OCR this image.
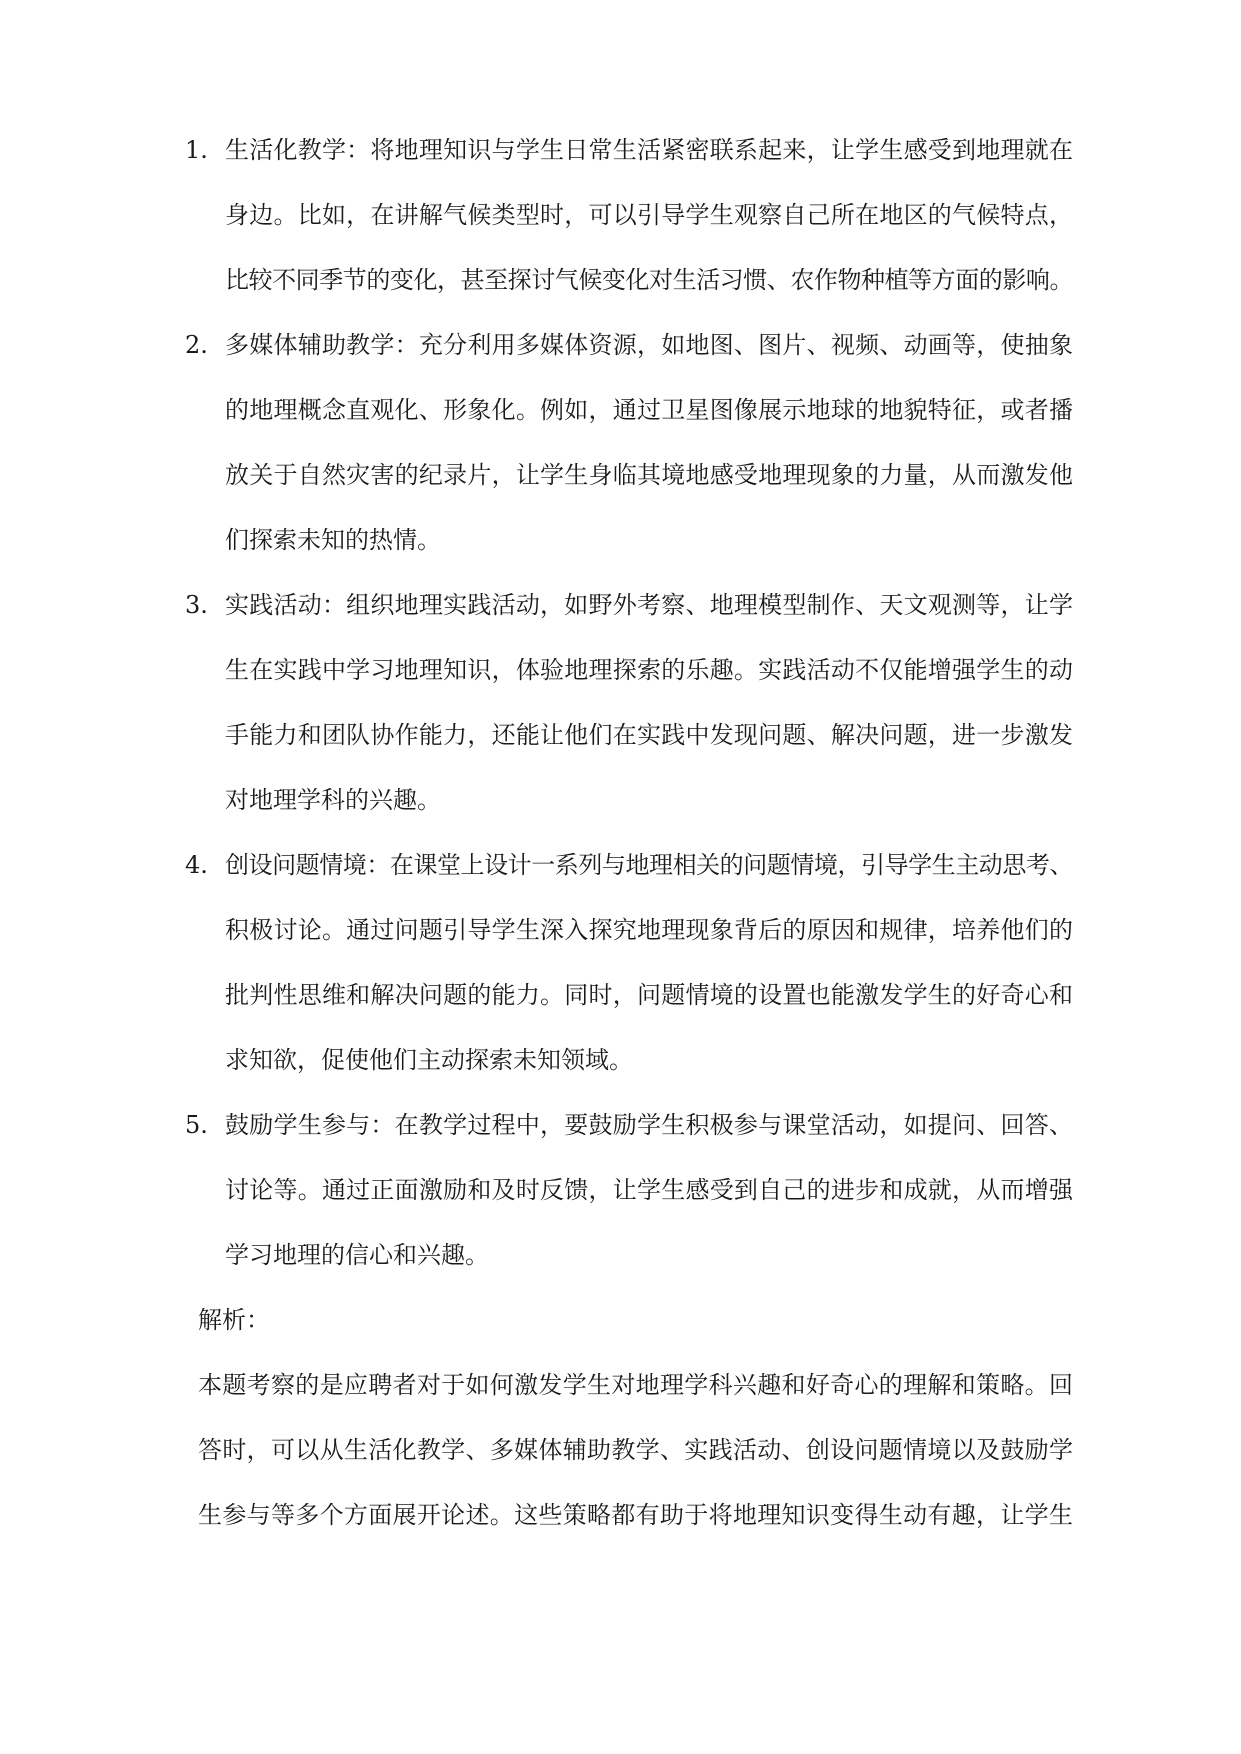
1. 生活化教学：将地理知识与学生日常生活紧密联系起来，让学生感受到地理就在
身边。比如，在讲解气候类型时，可以引导学生观察自己所在地区的气候特点，
比较不同季节的变化，甚至探讨气候变化对生活习惯、农作物种植等方面的影响。
2. 多媒体辅助教学：充分利用多媒体资源，如地图、图片、视频、动画等，使抽象
的地理概念直观化、形象化。例如，通过卫星图像展示地球的地貌特征，或者播
放关于自然灾害的纪录片，让学生身临其境地感受地理现象的力量，从而激发他
们探索未知的热情。
3. 实践活动：组织地理实践活动，如野外考察、地理模型制作、天文观测等，让学
生在实践中学习地理知识，体验地理探索的乐趣。实践活动不仅能增强学生的动
手能力和团队协作能力，还能让他们在实践中发现问题、解决问题，进一步激发
对地理学科的兴趣。
4. 创设问题情境：在课堂上设计一系列与地理相关的问题情境，引导学生主动思考、
积极讨论。通过问题引导学生深入探究地理现象背后的原因和规律，培养他们的
批判性思维和解决问题的能力。同时，问题情境的设置也能激发学生的好奇心和
求知欲，促使他们主动探索未知领域。
5. 鼓励学生参与：在教学过程中，要鼓励学生积极参与课堂活动，如提问、回答、
讨论等。通过正面激励和及时反馈，让学生感受到自己的进步和成就，从而增强
学习地理的信心和兴趣。
解析：
本题考察的是应聘者对于如何激发学生对地理学科兴趣和好奇心的理解和策略。回
答时，可以从生活化教学、多媒体辅助教学、实践活动、创设问题情境以及鼓励学
生参与等多个方面展开论述。这些策略都有助于将地理知识变得生动有趣，让学生
